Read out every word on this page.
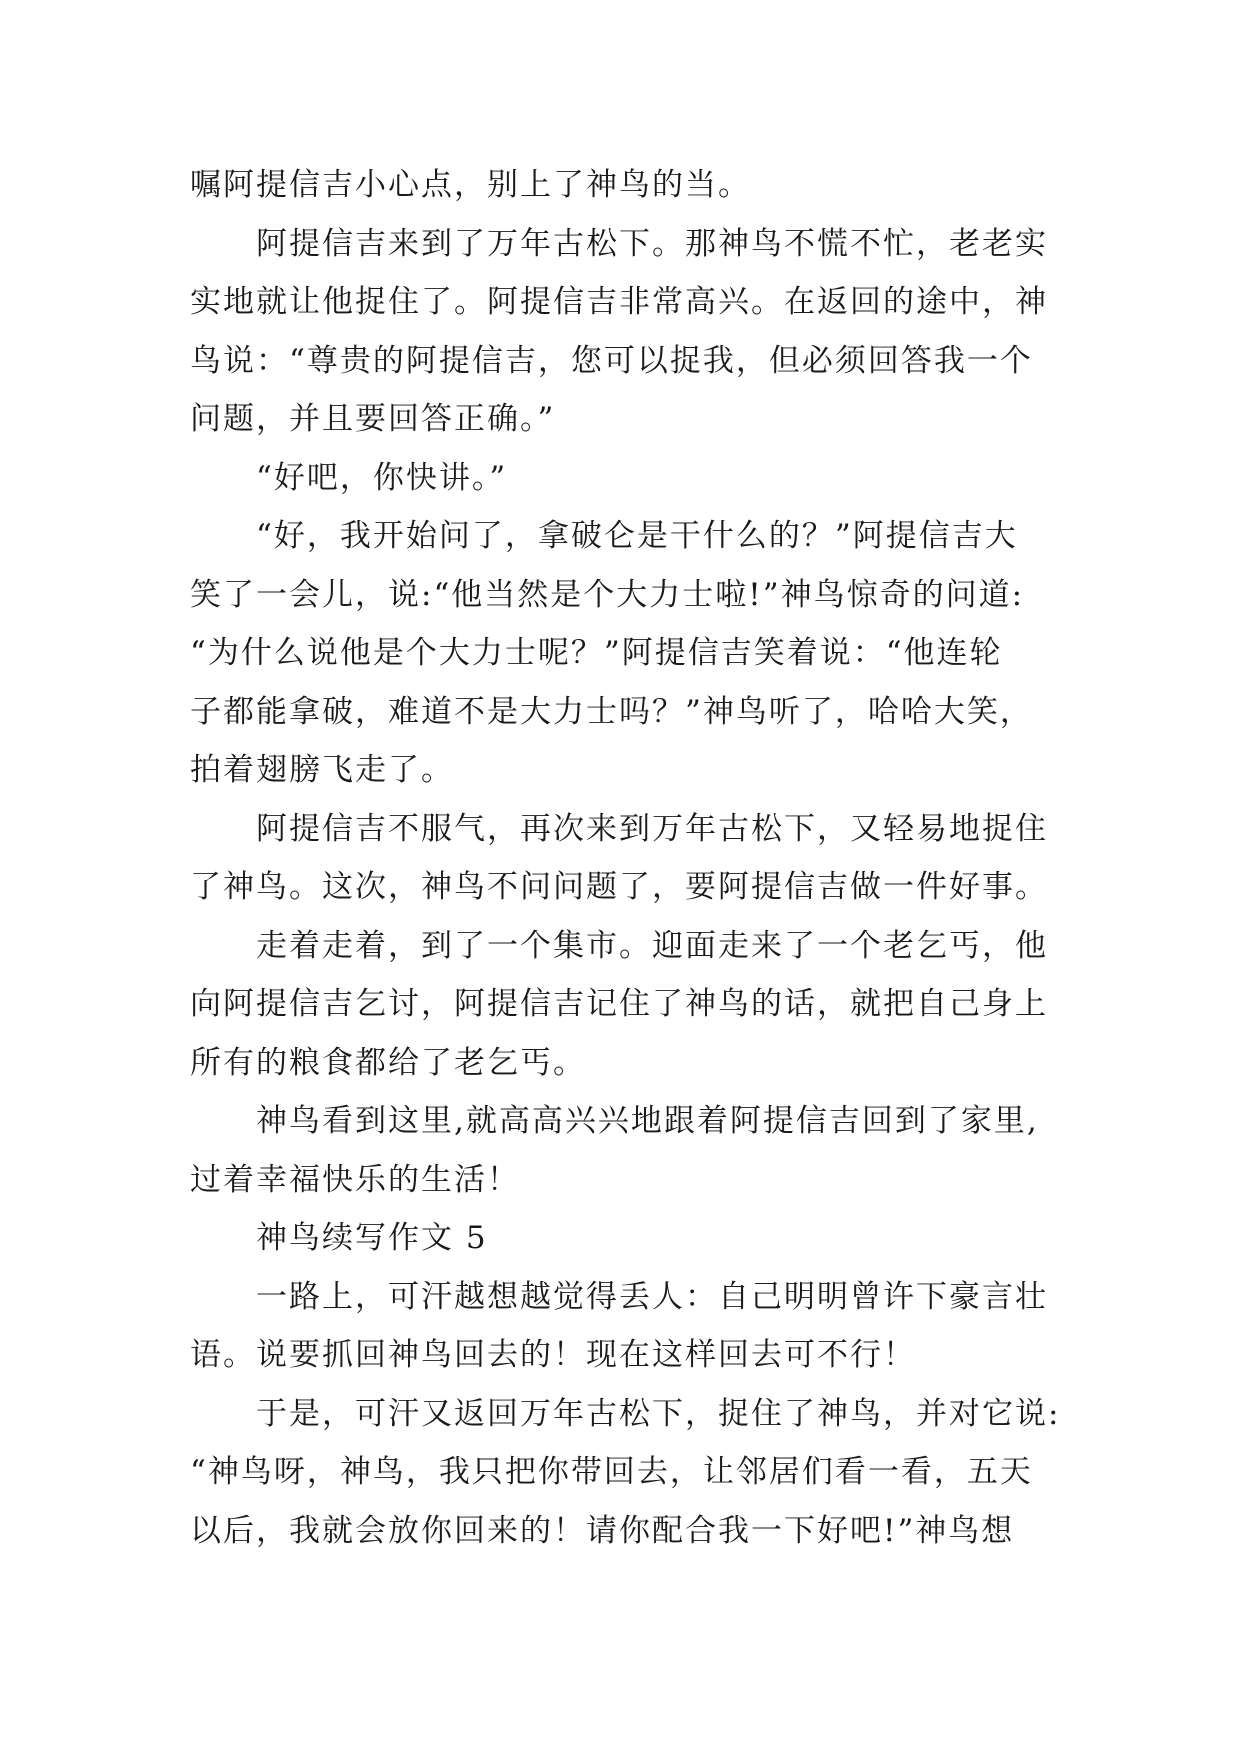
嘱阿提信吉小心点，别上了神鸟的当。
阿提信吉来到了万年古松下。那神鸟不慌不忙，老老实
实地就让他捉住了。阿提信吉非常高兴。在返回的途中，神
鸟说：“尊贵的阿提信吉，您可以捉我，但必须回答我一个
问题，并且要回答正确。”
“好吧，你快讲。”
“好，我开始问了，拿破仑是干什么的？”阿提信吉大
笑了一会儿，说:“他当然是个大力士啦!”神鸟惊奇的问道:
“为什么说他是个大力士呢？”阿提信吉笑着说：“他连轮
子都能拿破，难道不是大力士吗？”神鸟听了，哈哈大笑，
拍着翅膀飞走了。
阿提信吉不服气，再次来到万年古松下，又轻易地捉住
了神鸟。这次，神鸟不问问题了，要阿提信吉做一件好事。
走着走着，到了一个集市。迎面走来了一个老乞丐，他
向阿提信吉乞讨，阿提信吉记住了神鸟的话，就把自己身上
所有的粮食都给了老乞丐。
神鸟看到这里,就高高兴兴地跟着阿提信吉回到了家里,
过着幸福快乐的生活！
神鸟续写作文 5
一路上，可汗越想越觉得丢人：自己明明曾许下豪言壮
语。说要抓回神鸟回去的！现在这样回去可不行！
于是，可汗又返回万年古松下，捉住了神鸟，并对它说:
“神鸟呀，神鸟，我只把你带回去，让邻居们看一看，五天
以后，我就会放你回来的！请你配合我一下好吧!”神鸟想
